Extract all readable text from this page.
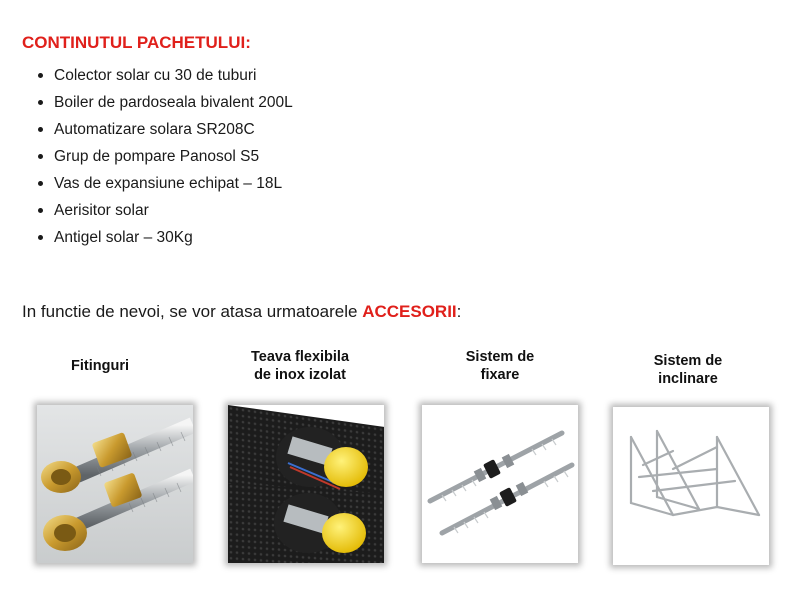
CONTINUTUL PACHETULUI:
Colector solar cu 30 de tuburi
Boiler de pardoseala bivalent 200L
Automatizare solara SR208C
Grup de pompare Panosol S5
Vas de expansiune echipat – 18L
Aerisitor solar
Antigel solar – 30Kg
In functie de nevoi, se vor atasa urmatoarele ACCESORII:
Fitinguri
Teava flexibila
de inox izolat
Sistem de
fixare
Sistem de
inclinare
